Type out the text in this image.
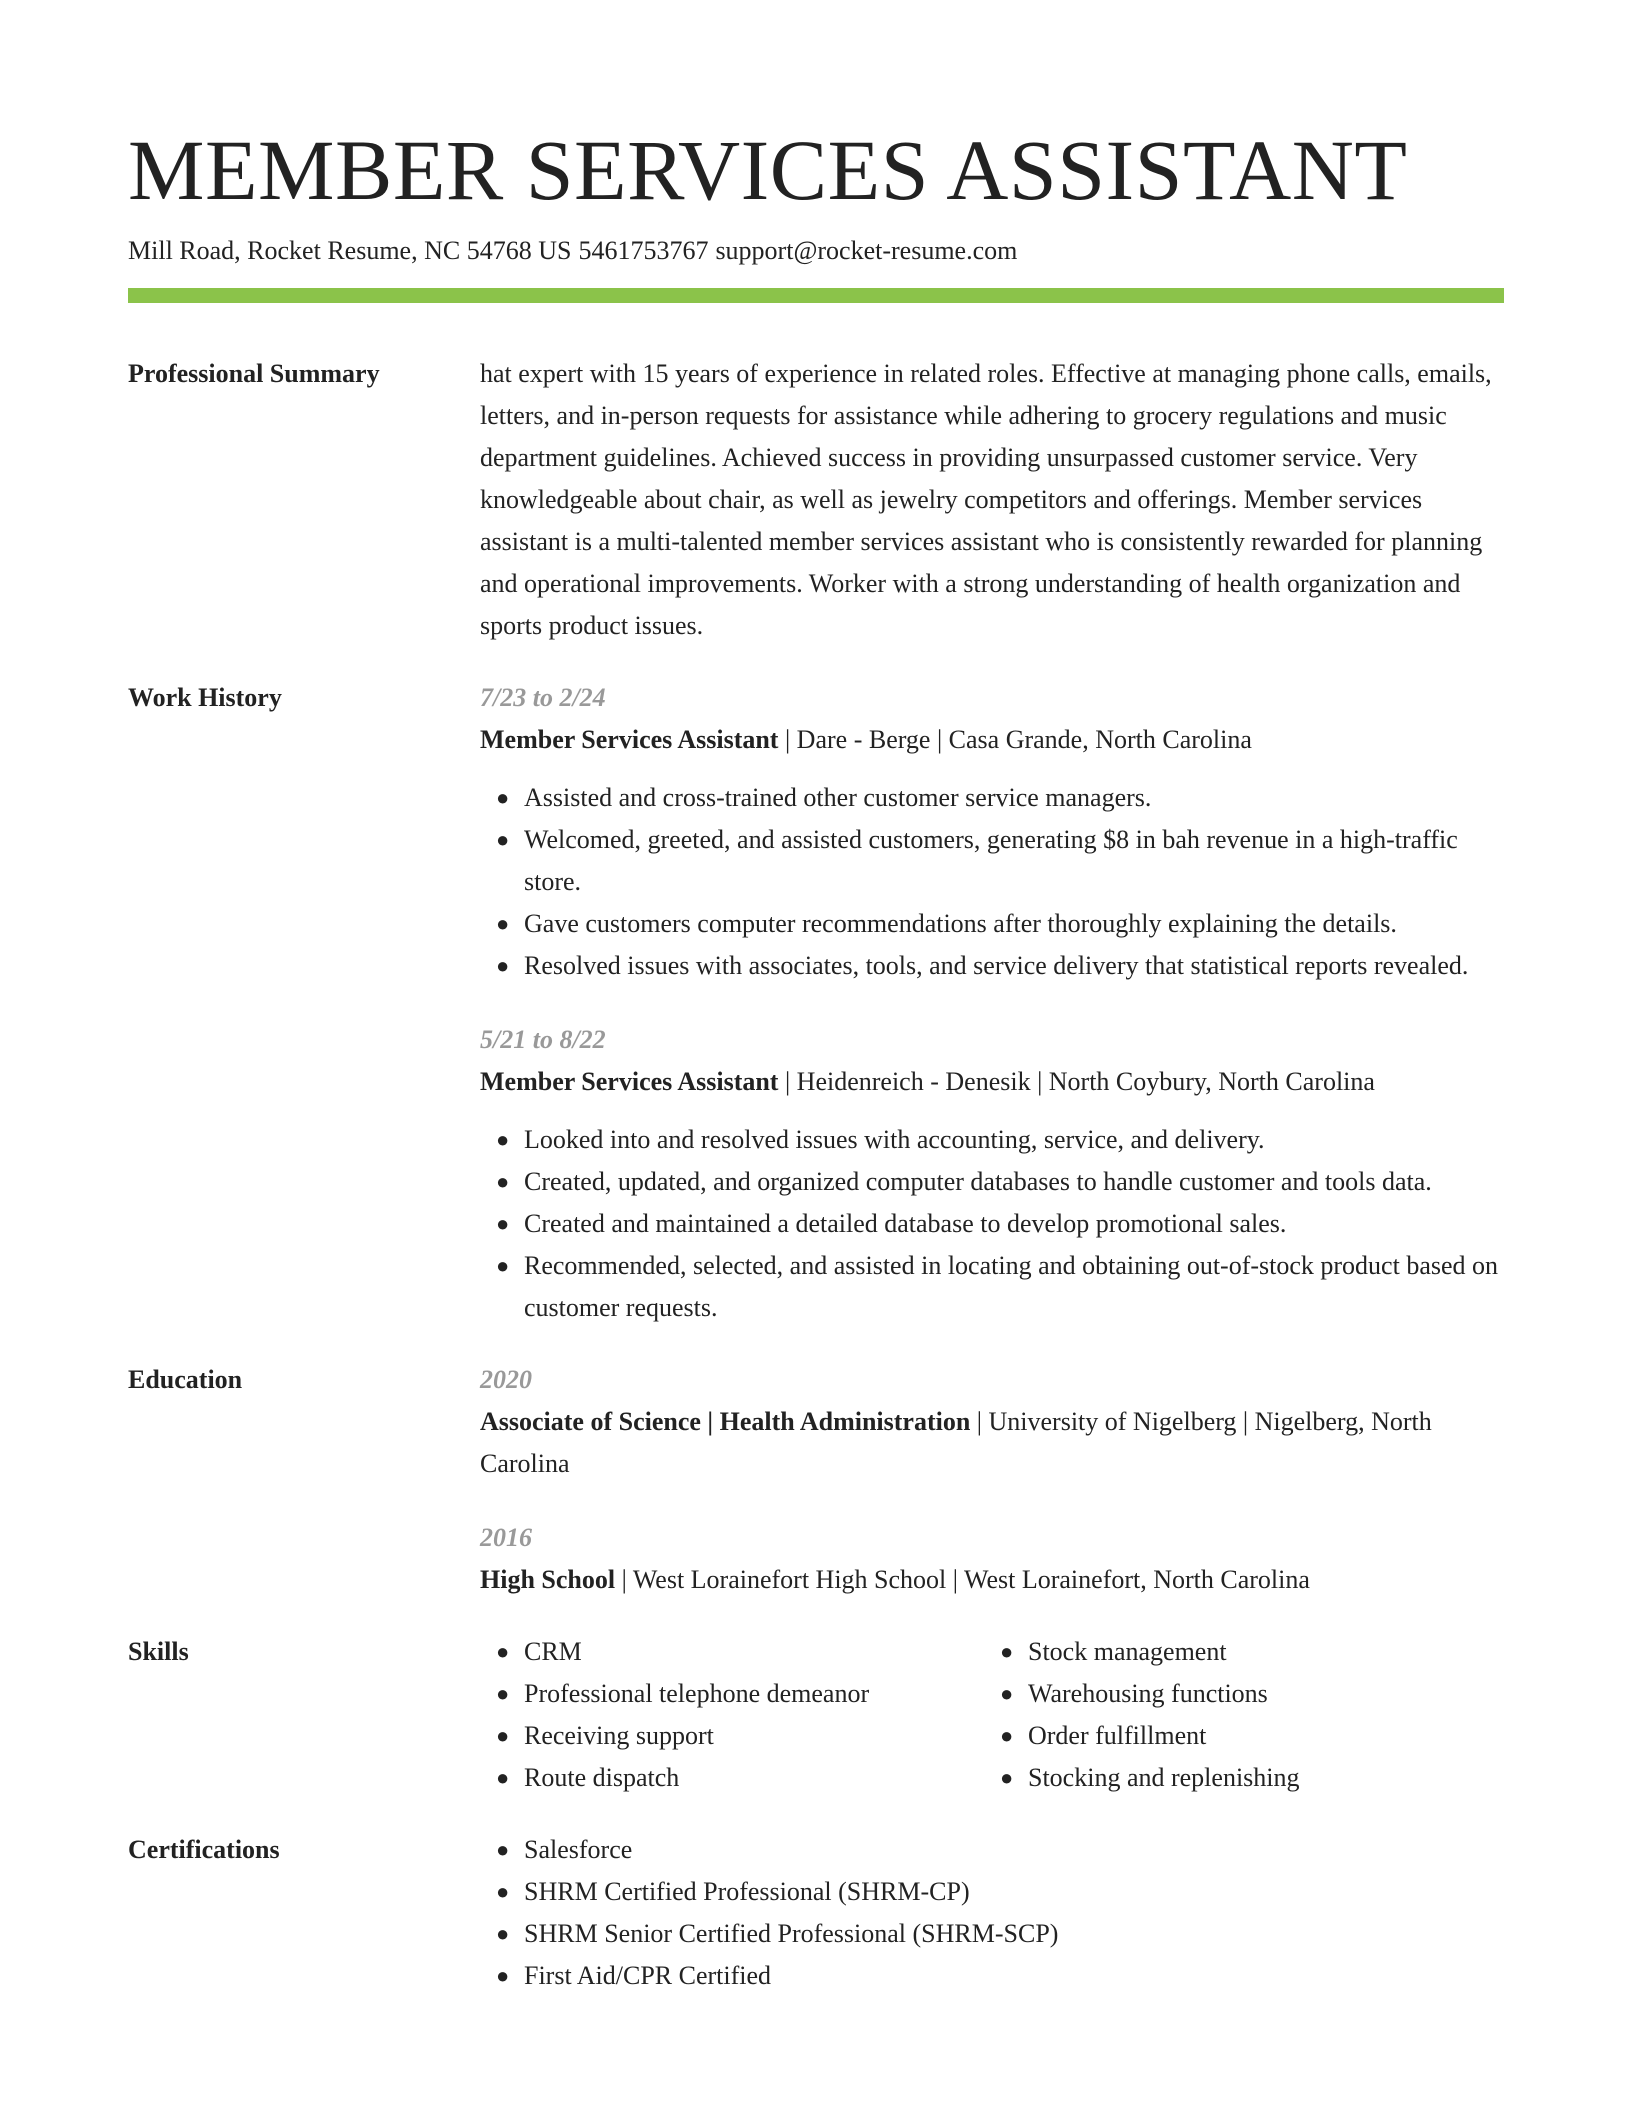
MEMBER SERVICES ASSISTANT
Mill Road, Rocket Resume, NC 54768 US 5461753767 support@rocket-resume.com
Professional Summary	hat expert with 15 years of experience in related roles. Effective at managing phone calls, emails, letters, and in-person requests for assistance while adhering to grocery regulations and music department guidelines. Achieved success in providing unsurpassed customer service. Very knowledgeable about chair, as well as jewelry competitors and offerings. Member services assistant is a multi-talented member services assistant who is consistently rewarded for planning and operational improvements. Worker with a strong understanding of health organization and sports product issues.

Work History	7/23 to 2/24

Member Services Assistant | Dare - Berge | Casa Grande, North Carolina

● Assisted and cross-trained other customer service managers.
● Welcomed, greeted, and assisted customers, generating $8 in bah revenue in a high-traffic store.
● Gave customers computer recommendations after thoroughly explaining the details.
● Resolved issues with associates, tools, and service delivery that statistical reports revealed.
5/21 to 8/22

Member Services Assistant | Heidenreich - Denesik | North Coybury, North Carolina

● Looked into and resolved issues with accounting, service, and delivery.
● Created, updated, and organized computer databases to handle customer and tools data.
● Created and maintained a detailed database to develop promotional sales.
● Recommended, selected, and assisted in locating and obtaining out-of-stock product based on customer requests.
Education	2020

Associate of Science | Health Administration | University of Nigelberg | Nigelberg, North Carolina

2016

High School | West Lorainefort High School | West Lorainefort, North Carolina

Skills	● CRM
● Professional telephone demeanor
● Receiving support
● Route dispatch
● Stock management
● Warehousing functions
● Order fulfillment
● Stocking and replenishing
Certifications	● Salesforce
● SHRM Certified Professional (SHRM-CP)
● SHRM Senior Certified Professional (SHRM-SCP)
● First Aid/CPR Certified
